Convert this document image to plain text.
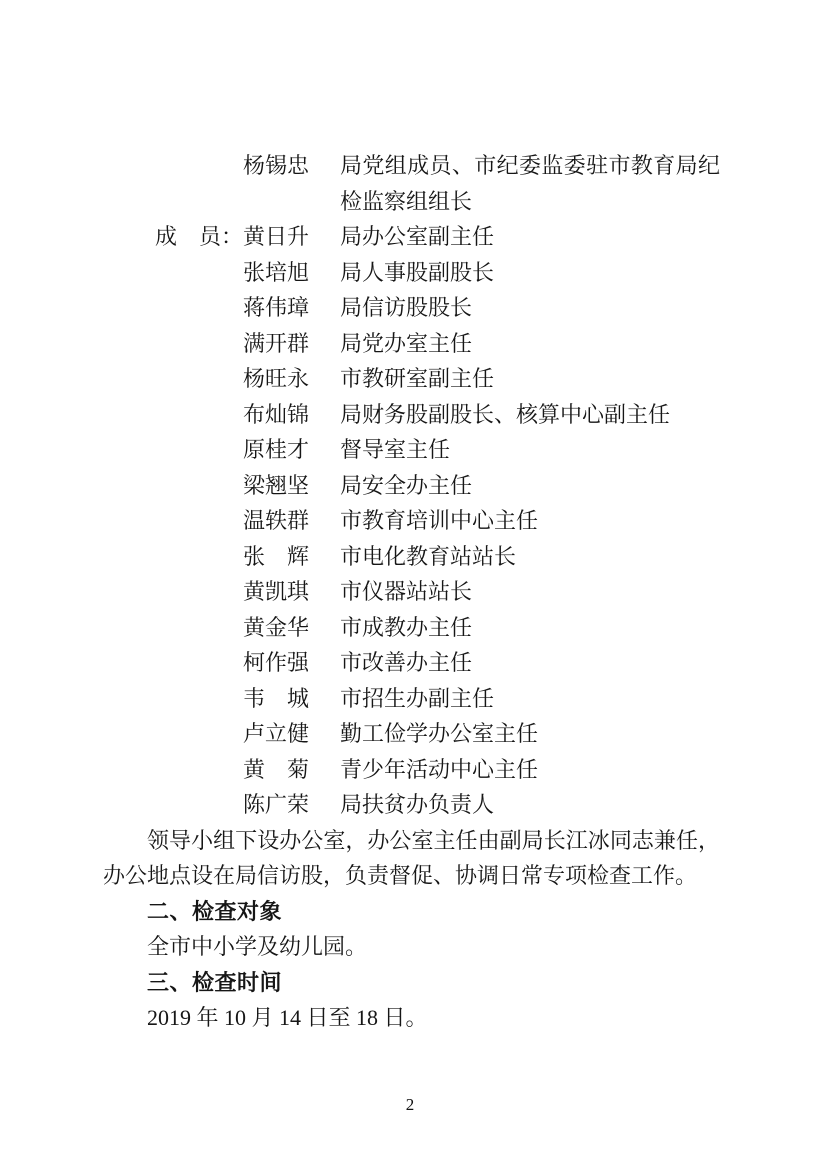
杨锡忠	局党组成员、市纪委监委驻市教育局纪检监察组组长
成　员： 黄日升	局办公室副主任
张培旭	局人事股副股长
蒋伟璋	局信访股股长
满开群	局党办室主任
杨旺永	市教研室副主任
布灿锦	局财务股副股长、核算中心副主任
原桂才	督导室主任
梁翘坚	局安全办主任
温轶群	市教育培训中心主任
张　辉	市电化教育站站长
黄凯琪	市仪器站站长
黄金华	市成教办主任
柯作强	市改善办主任
韦　城	市招生办副主任
卢立健	勤工俭学办公室主任
黄　菊	青少年活动中心主任
陈广荣	局扶贫办负责人

领导小组下设办公室，办公室主任由副局长江冰同志兼任，办公地点设在局信访股，负责督促、协调日常专项检查工作。

二、检查对象

全市中小学及幼儿园。

三、检查时间

2019 年 10 月 14 日至 18 日。

2
